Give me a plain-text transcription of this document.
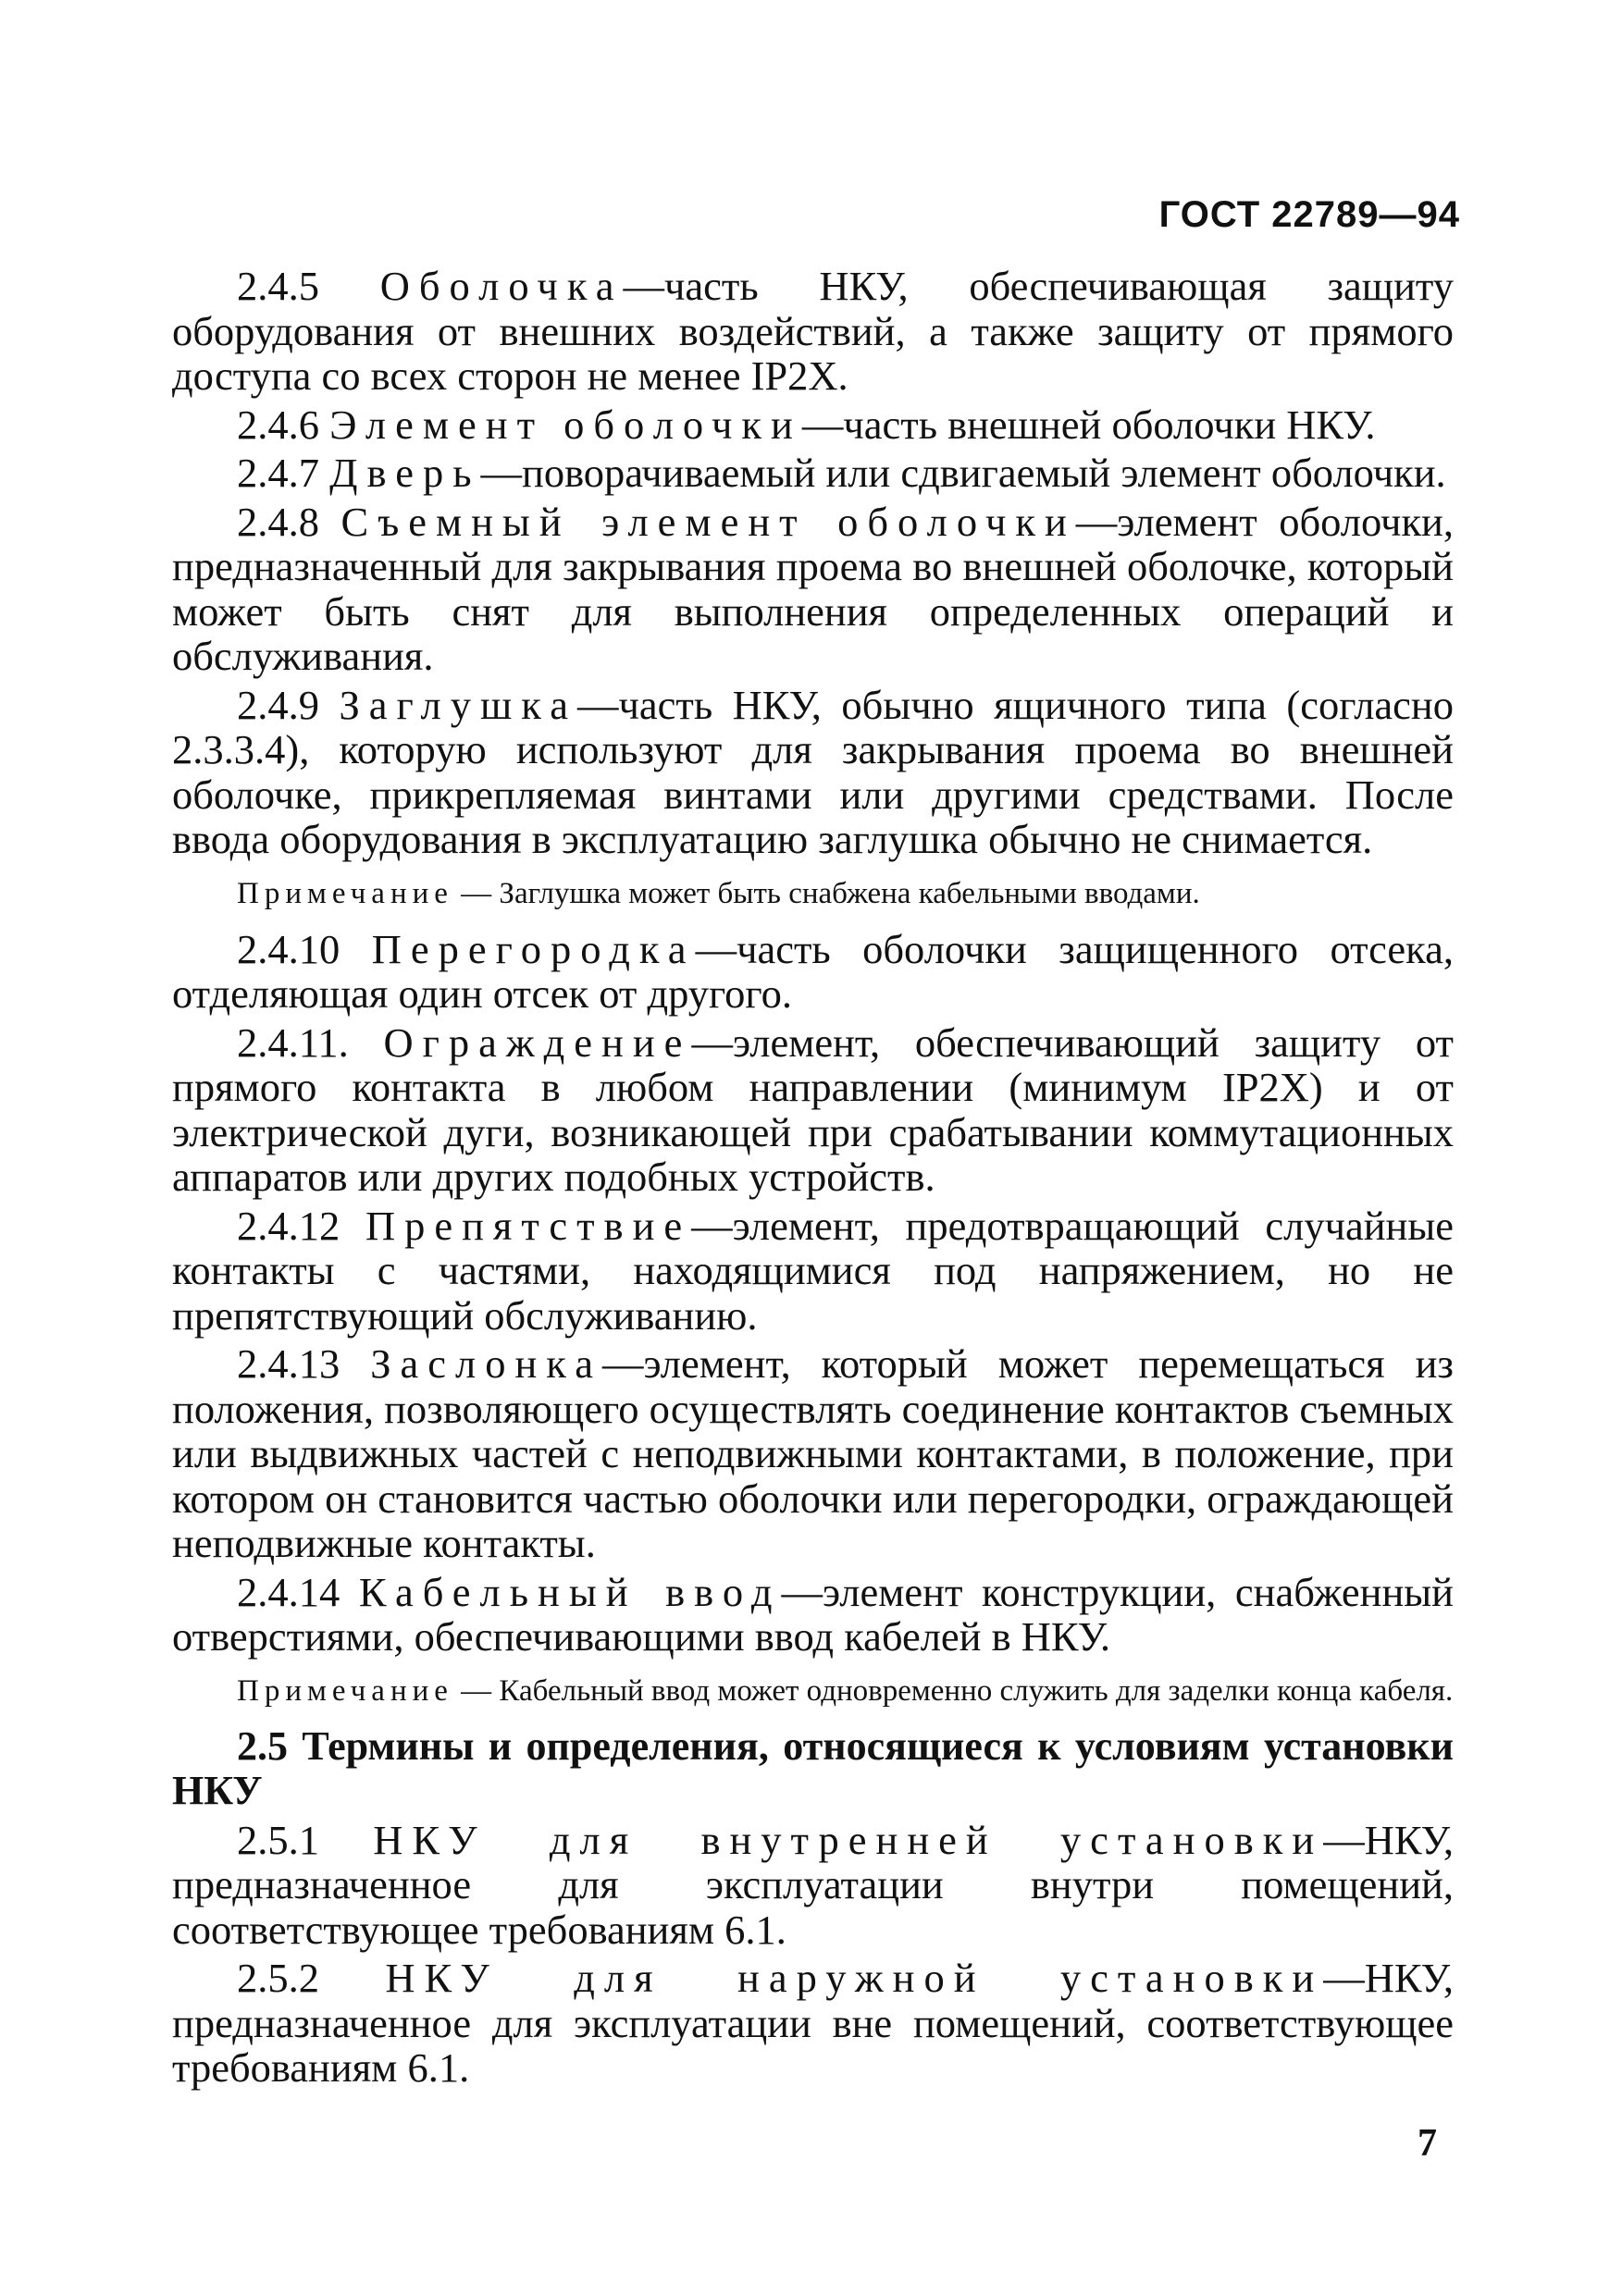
ГОСТ 22789—94

2.4.5 Оболочка—часть НКУ, обеспечивающая защиту оборудования от внешних воздействий, а также защиту от прямого доступа со всех сторон не менее IP2X.

2.4.6 Элемент оболочки—часть внешней оболочки НКУ.

2.4.7 Дверь—поворачиваемый или сдвигаемый элемент оболочки.

2.4.8 Съемный элемент оболочки—элемент оболочки, предназначенный для закрывания проема во внешней оболочке, который может быть снят для выполнения определенных операций и обслуживания.

2.4.9 Заглушка—часть НКУ, обычно ящичного типа (согласно 2.3.3.4), которую используют для закрывания проема во внешней оболочке, прикрепляемая винтами или другими средствами. После ввода оборудования в эксплуатацию заглушка обычно не снимается.

Примечание — Заглушка может быть снабжена кабельными вводами.

2.4.10 Перегородка—часть оболочки защищенного отсека, отделяющая один отсек от другого.

2.4.11. Ограждение—элемент, обеспечивающий защиту от прямого контакта в любом направлении (минимум IP2X) и от электрической дуги, возникающей при срабатывании коммутационных аппаратов или других подобных устройств.

2.4.12 Препятствие—элемент, предотвращающий случайные контакты с частями, находящимися под напряжением, но не препятствующий обслуживанию.

2.4.13 Заслонка—элемент, который может перемещаться из положения, позволяющего осуществлять соединение контактов съемных или выдвижных частей с неподвижными контактами, в положение, при котором он становится частью оболочки или перегородки, ограждающей неподвижные контакты.

2.4.14 Кабельный ввод—элемент конструкции, снабженный отверстиями, обеспечивающими ввод кабелей в НКУ.

Примечание — Кабельный ввод может одновременно служить для заделки конца кабеля.

2.5 Термины и определения, относящиеся к условиям установки НКУ

2.5.1 НКУ для внутренней установки—НКУ, предназначенное для эксплуатации внутри помещений, соответствующее требованиям 6.1.

2.5.2 НКУ для наружной установки—НКУ, предназначенное для эксплуатации вне помещений, соответствующее требованиям 6.1.

7
